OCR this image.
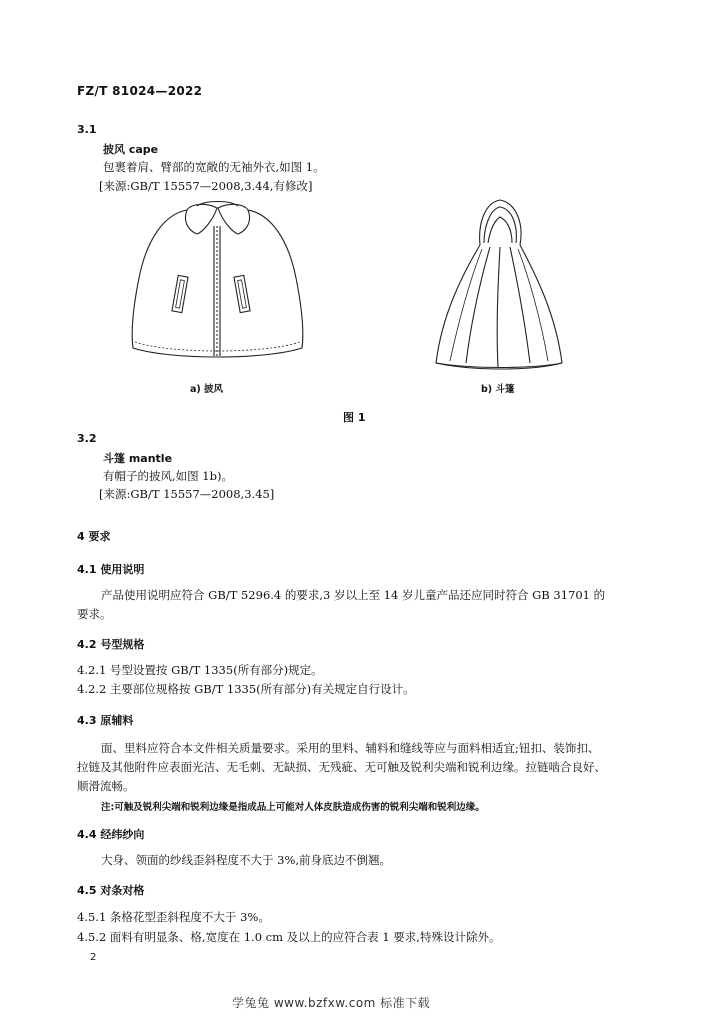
FZ/T 81024—2022
3.1
披风 cape
包裹着肩、臂部的宽敞的无袖外衣,如图 1。
[来源:GB/T 15557—2008,3.44,有修改]
a) 披风	b) 斗篷
图 1
3.2
斗篷 mantle
有帽子的披风,如图 1b)。
[来源:GB/T 15557—2008,3.45]
4 要求
4.1 使用说明
产品使用说明应符合 GB/T 5296.4 的要求,3 岁以上至 14 岁儿童产品还应同时符合 GB 31701 的
要求。
4.2 号型规格
4.2.1 号型设置按 GB/T 1335(所有部分)规定。
4.2.2 主要部位规格按 GB/T 1335(所有部分)有关规定自行设计。
4.3 原辅料
面、里料应符合本文件相关质量要求。采用的里料、辅料和缝线等应与面料相适宜;钮扣、装饰扣、
拉链及其他附件应表面光洁、无毛刺、无缺损、无残疵、无可触及锐利尖端和锐利边缘。拉链啮合良好、
顺滑流畅。
注:可触及锐利尖端和锐利边缘是指成品上可能对人体皮肤造成伤害的锐利尖端和锐利边缘。
4.4 经纬纱向
大身、领面的纱线歪斜程度不大于 3%,前身底边不倒翘。
4.5 对条对格
4.5.1 条格花型歪斜程度不大于 3%。
4.5.2 面料有明显条、格,宽度在 1.0 cm 及以上的应符合表 1 要求,特殊设计除外。
2
学兔兔 www.bzfxw.com 标准下载
